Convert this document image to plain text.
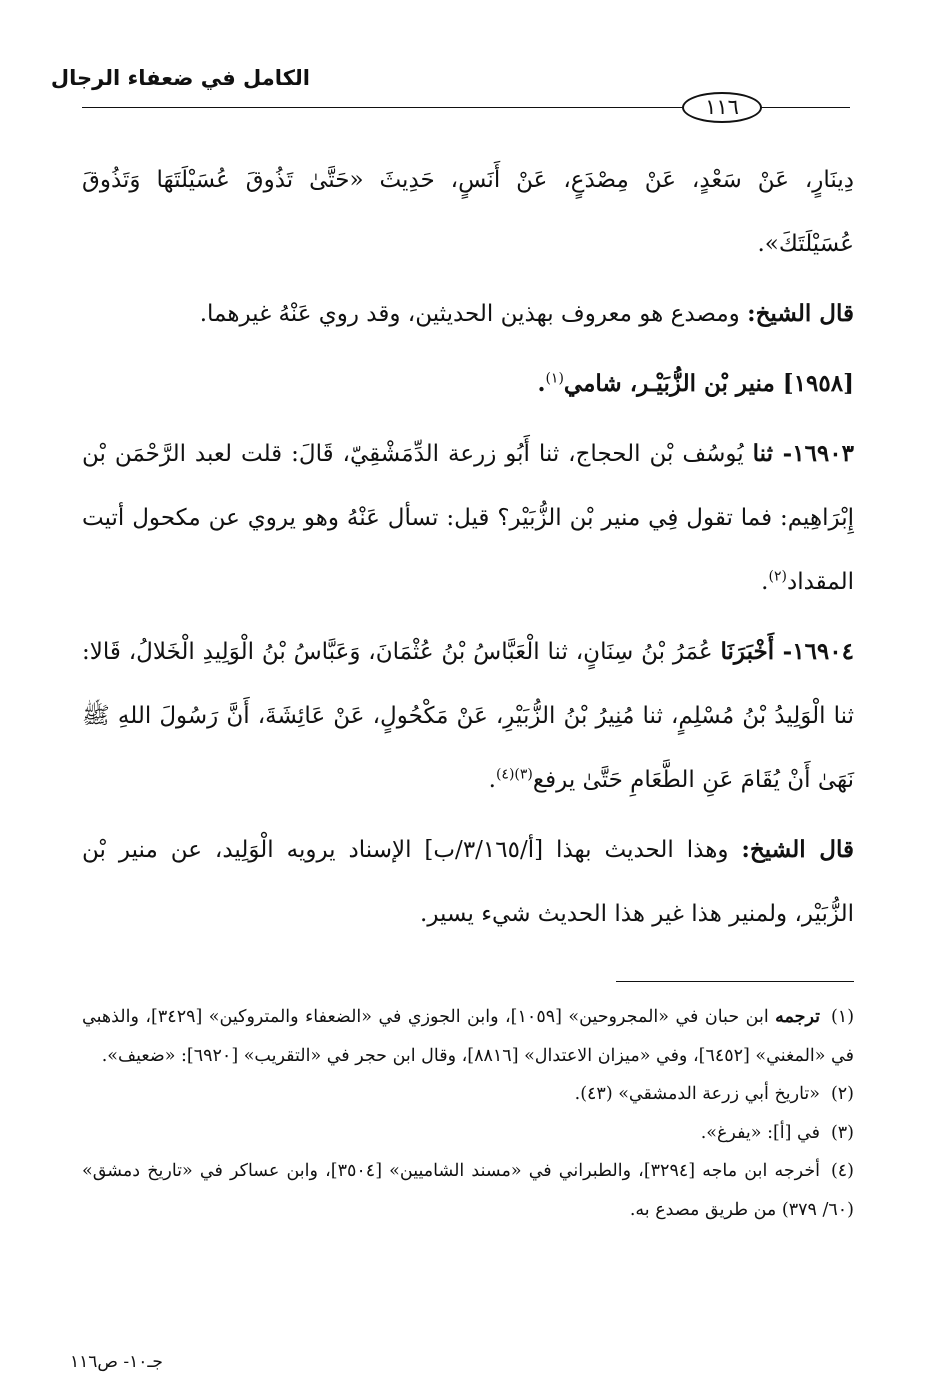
الكامل في ضعفاء الرجال
١١٦

دِينَارٍ، عَنْ سَعْدٍ، عَنْ مِصْدَعٍ، عَنْ أَنَسٍ، حَدِيثَ «حَتَّىٰ تَذُوقَ عُسَيْلَتَهَا وَتَذُوقَ عُسَيْلَتَكَ».

قال الشيخ: ومصدع هو معروف بهذين الحديثين، وقد روي عَنْهُ غيرهما.

[١٩٥٨] منير بْن الزُّبَيْـر، شامي$^{(١)}$.

١٦٩٠٣- ثنا يُوسُف بْن الحجاج، ثنا أَبُو زرعة الدِّمَشْقِيّ، قَالَ: قلت لعبد الرَّحْمَن بْن إِبْرَاهِيم: فما تقول فِي منير بْن الزُّبَيْر؟ قيل: تسأل عَنْهُ وهو يروي عن مكحول أتيت المقداد$^{(٢)}$.

١٦٩٠٤- أَخْبَرَنَا عُمَرُ بْنُ سِنَانٍ، ثنا الْعَبَّاسُ بْنُ عُثْمَانَ، وَعَبَّاسُ بْنُ الْوَلِيدِ الْخَلالُ، قَالا: ثنا الْوَلِيدُ بْنُ مُسْلِمٍ، ثنا مُنِيرُ بْنُ الزُّبَيْرِ، عَنْ مَكْحُولٍ، عَنْ عَائِشَةَ، أَنَّ رَسُولَ اللهِ ﷺ نَهَىٰ أَنْ يُقَامَ عَنِ الطَّعَامِ حَتَّىٰ يرفع$^{(٣)(٤)}$.

قال الشيخ: وهذا الحديث بهذا [أ/٣/١٦٥/ب] الإسناد يرويه الْوَلِيد، عن منير بْن الزُّبَيْر، ولمنير هذا غير هذا الحديث شيء يسير.

(١)ترجمه ابن حبان في «المجروحين» [١٠٥٩]، وابن الجوزي في «الضعفاء والمتروكين» [٣٤٢٩]، والذهبي في «المغني» [٦٤٥٢]، وفي «ميزان الاعتدال» [٨٨١٦]، وقال ابن حجر في «التقريب» [٦٩٢٠]: «ضعيف».

(٢)«تاريخ أبي زرعة الدمشقي» (٤٣).

(٣)في [أ]: «يفرغ».

(٤)أخرجه ابن ماجه [٣٢٩٤]، والطبراني في «مسند الشاميين» [٣٥٠٤]، وابن عساكر في «تاريخ دمشق» (٦٠/ ٣٧٩) من طريق مصدع به.

جـ١٠- ص١١٦
